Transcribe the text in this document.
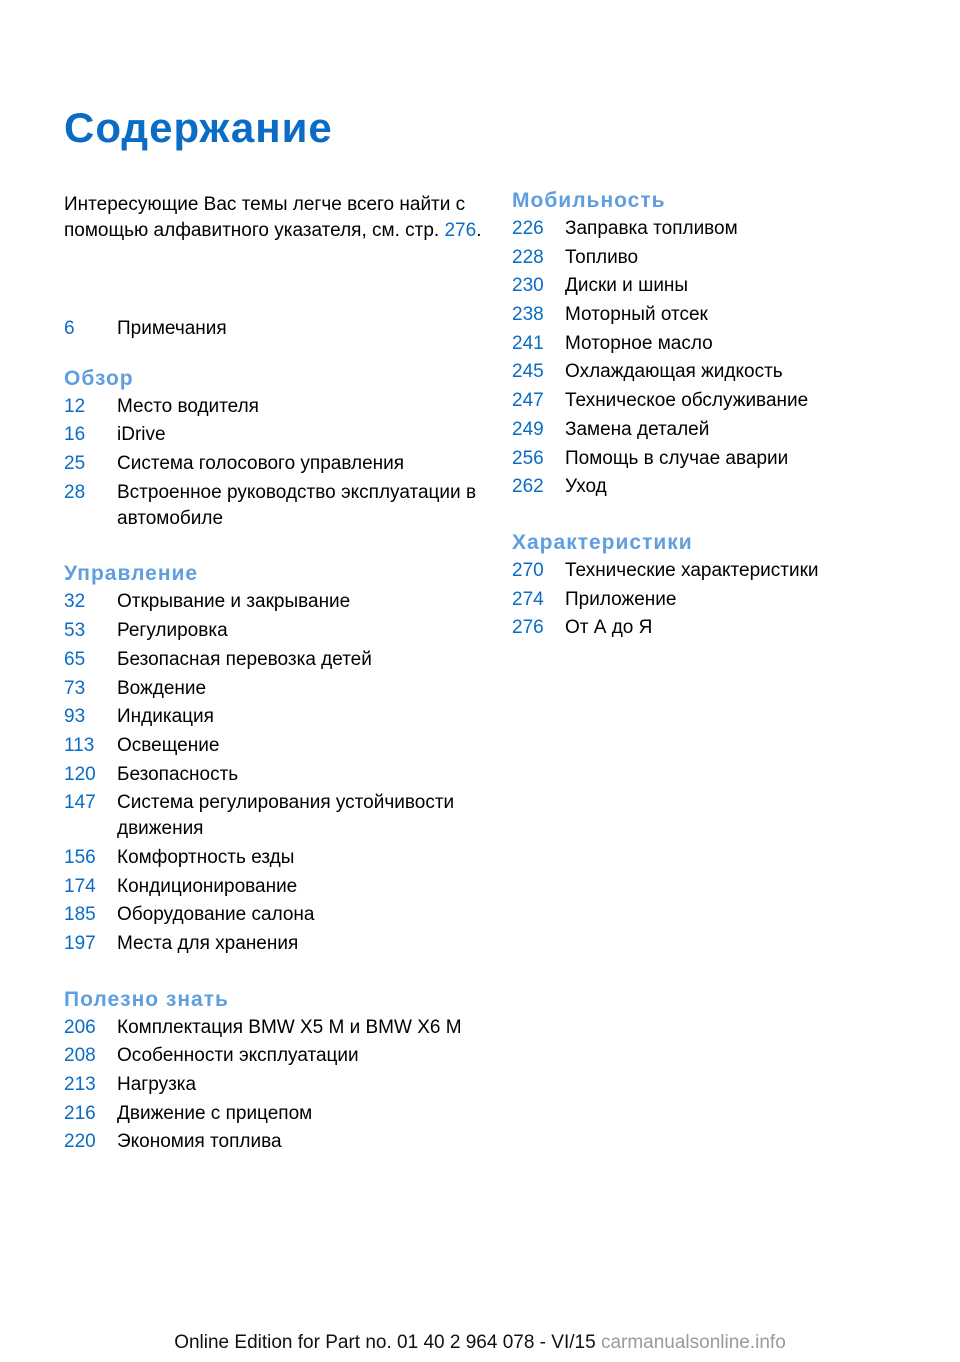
Содержание
Интересующие Вас темы легче всего найти с помощью алфавитного указателя, см. стр. 276.
6	Примечания
Обзор
12	Место водителя
16	iDrive
25	Система голосового управления
28	Встроенное руководство эксплуатации в автомобиле
Управление
32	Открывание и закрывание
53	Регулировка
65	Безопасная перевозка детей
73	Вождение
93	Индикация
113	Освещение
120	Безопасность
147	Система регулирования устойчивости движения
156	Комфортность езды
174	Кондиционирование
185	Оборудование салона
197	Места для хранения
Полезно знать
206	Комплектация BMW X5 M и BMW X6 M
208	Особенности эксплуатации
213	Нагрузка
216	Движение с прицепом
220	Экономия топлива
Мобильность
226	Заправка топливом
228	Топливо
230	Диски и шины
238	Моторный отсек
241	Моторное масло
245	Охлаждающая жидкость
247	Техническое обслуживание
249	Замена деталей
256	Помощь в случае аварии
262	Уход
Характеристики
270	Технические характеристики
274	Приложение
276	От А до Я
Online Edition for Part no. 01 40 2 964 078 - VI/15 carmanualsonline.info
